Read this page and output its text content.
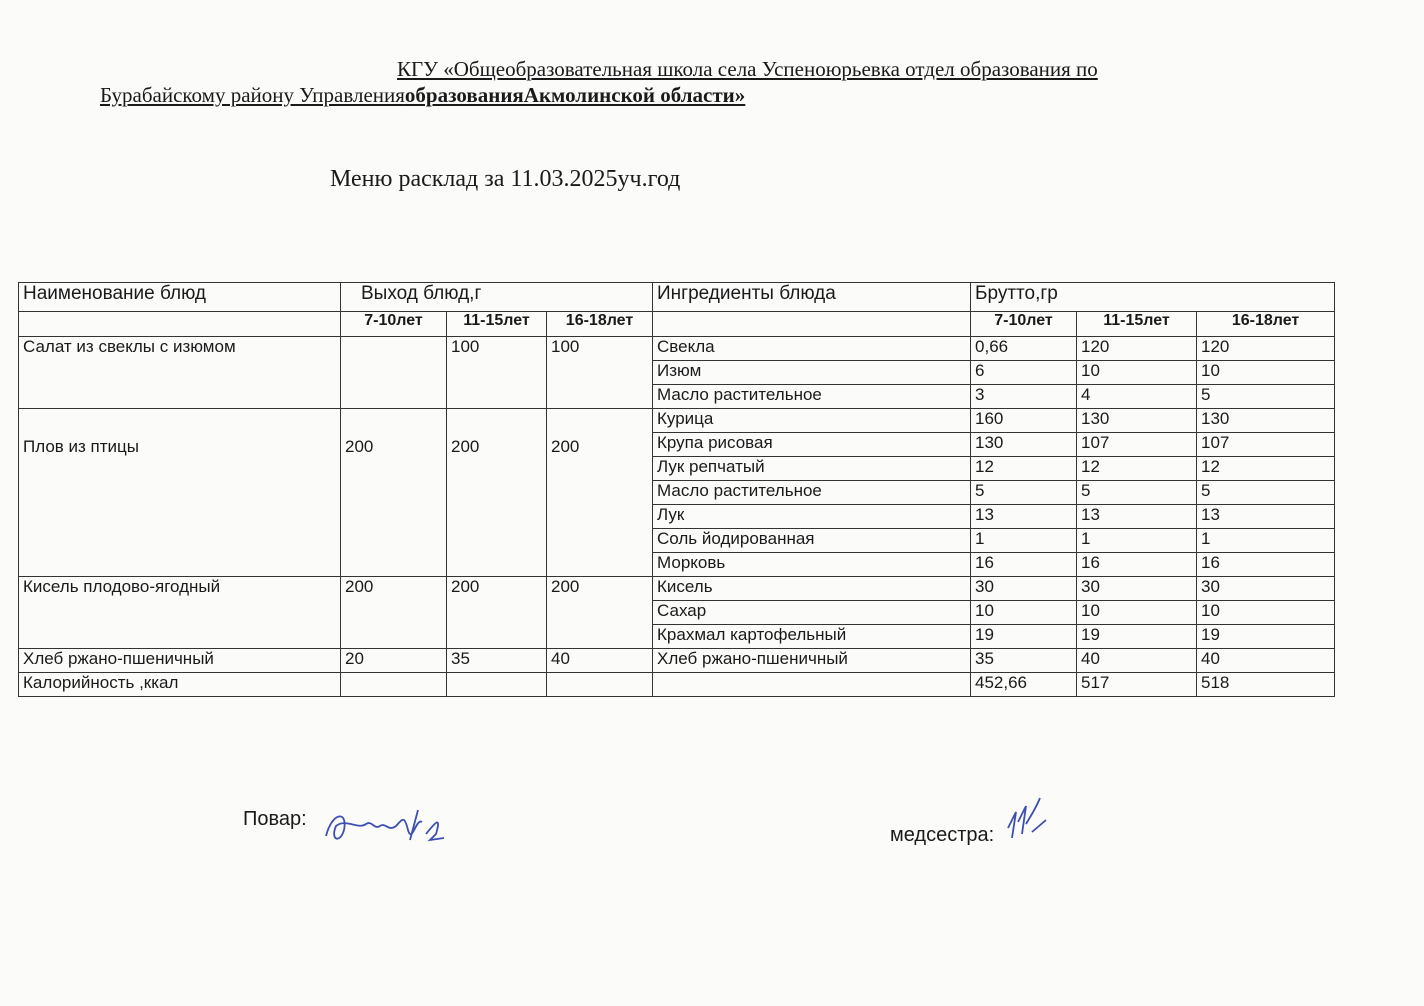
КГУ «Общеобразовательная школа села Успеноюрьевка отдел образования по
Бурабайскому району УправленияобразованияАкмолинской области»
Меню расклад за 11.03.2025уч.год
Наименование блюд	Выход блюд,г			Ингредиенты блюда	Брутто,гр		
	7-10лет	11-15лет	16-18лет		7-10лет	11-15лет	16-18лет
Салат из свеклы с изюмом		100	100	Свекла	0,66	120	120
				Изюм	6	10	10
				Масло растительное	3	4	5
Плов из птицы	200	200	200	Курица	160	130	130
				Крупа рисовая	130	107	107
				Лук репчатый	12	12	12
				Масло растительное	5	5	5
				Лук	13	13	13
				Соль йодированная	1	1	1
				Морковь	16	16	16
Кисель плодово-ягодный	200	200	200	Кисель	30	30	30
				Сахар	10	10	10
				Крахмал картофельный	19	19	19
Хлеб ржано-пшеничный	20	35	40	Хлеб ржано-пшеничный	35	40	40
Калорийность ,ккал					452,66	517	518
Повар:
медсестра:
